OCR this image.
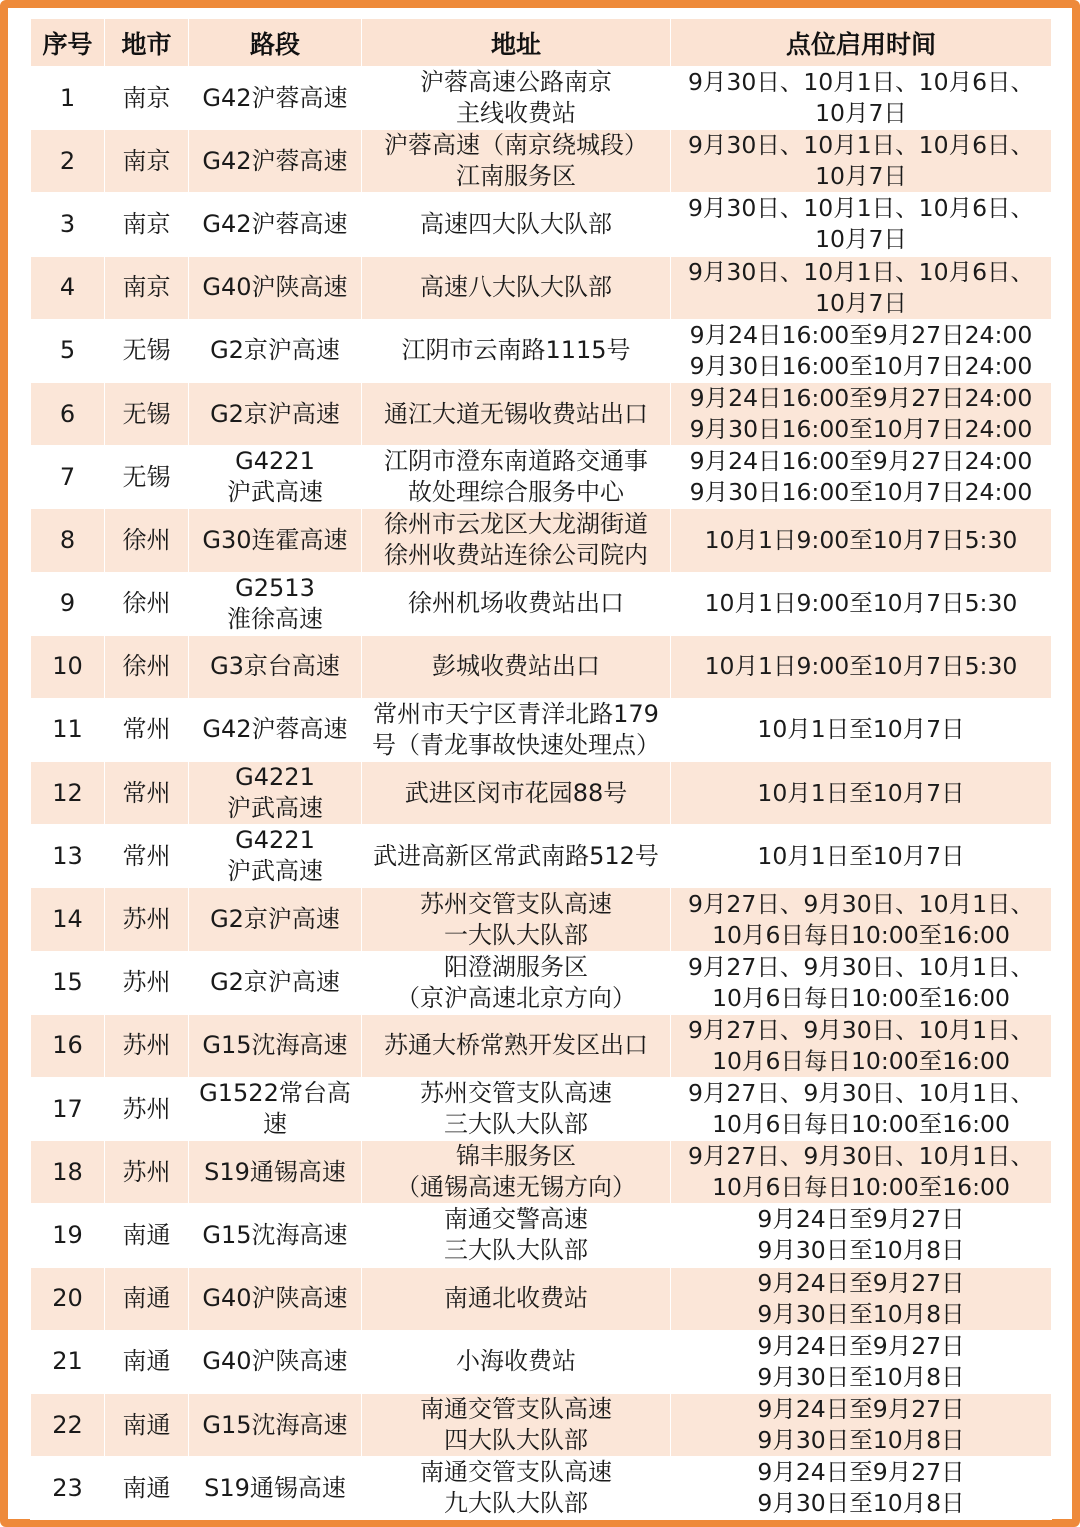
序号	地市	路段	地址	点位启用时间
1	南京	G42沪蓉高速	沪蓉高速公路南京
主线收费站	9月30日、10月1日、10月6日、
10月7日
2	南京	G42沪蓉高速	沪蓉高速（南京绕城段）
江南服务区	9月30日、10月1日、10月6日、
10月7日
3	南京	G42沪蓉高速	高速四大队大队部	9月30日、10月1日、10月6日、
10月7日
4	南京	G40沪陕高速	高速八大队大队部	9月30日、10月1日、10月6日、
10月7日
5	无锡	G2京沪高速	江阴市云南路1115号	9月24日16:00至9月27日24:00
9月30日16:00至10月7日24:00
6	无锡	G2京沪高速	通江大道无锡收费站出口	9月24日16:00至9月27日24:00
9月30日16:00至10月7日24:00
7	无锡	G4221
沪武高速	江阴市澄东南道路交通事
故处理综合服务中心	9月24日16:00至9月27日24:00
9月30日16:00至10月7日24:00
8	徐州	G30连霍高速	徐州市云龙区大龙湖街道
徐州收费站连徐公司院内	10月1日9:00至10月7日5:30
9	徐州	G2513
淮徐高速	徐州机场收费站出口	10月1日9:00至10月7日5:30
10	徐州	G3京台高速	彭城收费站出口	10月1日9:00至10月7日5:30
11	常州	G42沪蓉高速	常州市天宁区青洋北路179
号（青龙事故快速处理点）	10月1日至10月7日
12	常州	G4221
沪武高速	武进区闵市花园88号	10月1日至10月7日
13	常州	G4221
沪武高速	武进高新区常武南路512号	10月1日至10月7日
14	苏州	G2京沪高速	苏州交管支队高速
一大队大队部	9月27日、9月30日、10月1日、
10月6日每日10:00至16:00
15	苏州	G2京沪高速	阳澄湖服务区
（京沪高速北京方向）	9月27日、9月30日、10月1日、
10月6日每日10:00至16:00
16	苏州	G15沈海高速	苏通大桥常熟开发区出口	9月27日、9月30日、10月1日、
10月6日每日10:00至16:00
17	苏州	G1522常台高
速	苏州交管支队高速
三大队大队部	9月27日、9月30日、10月1日、
10月6日每日10:00至16:00
18	苏州	S19通锡高速	锦丰服务区
（通锡高速无锡方向）	9月27日、9月30日、10月1日、
10月6日每日10:00至16:00
19	南通	G15沈海高速	南通交警高速
三大队大队部	9月24日至9月27日
9月30日至10月8日
20	南通	G40沪陕高速	南通北收费站	9月24日至9月27日
9月30日至10月8日
21	南通	G40沪陕高速	小海收费站	9月24日至9月27日
9月30日至10月8日
22	南通	G15沈海高速	南通交管支队高速
四大队大队部	9月24日至9月27日
9月30日至10月8日
23	南通	S19通锡高速	南通交管支队高速
九大队大队部	9月24日至9月27日
9月30日至10月8日
